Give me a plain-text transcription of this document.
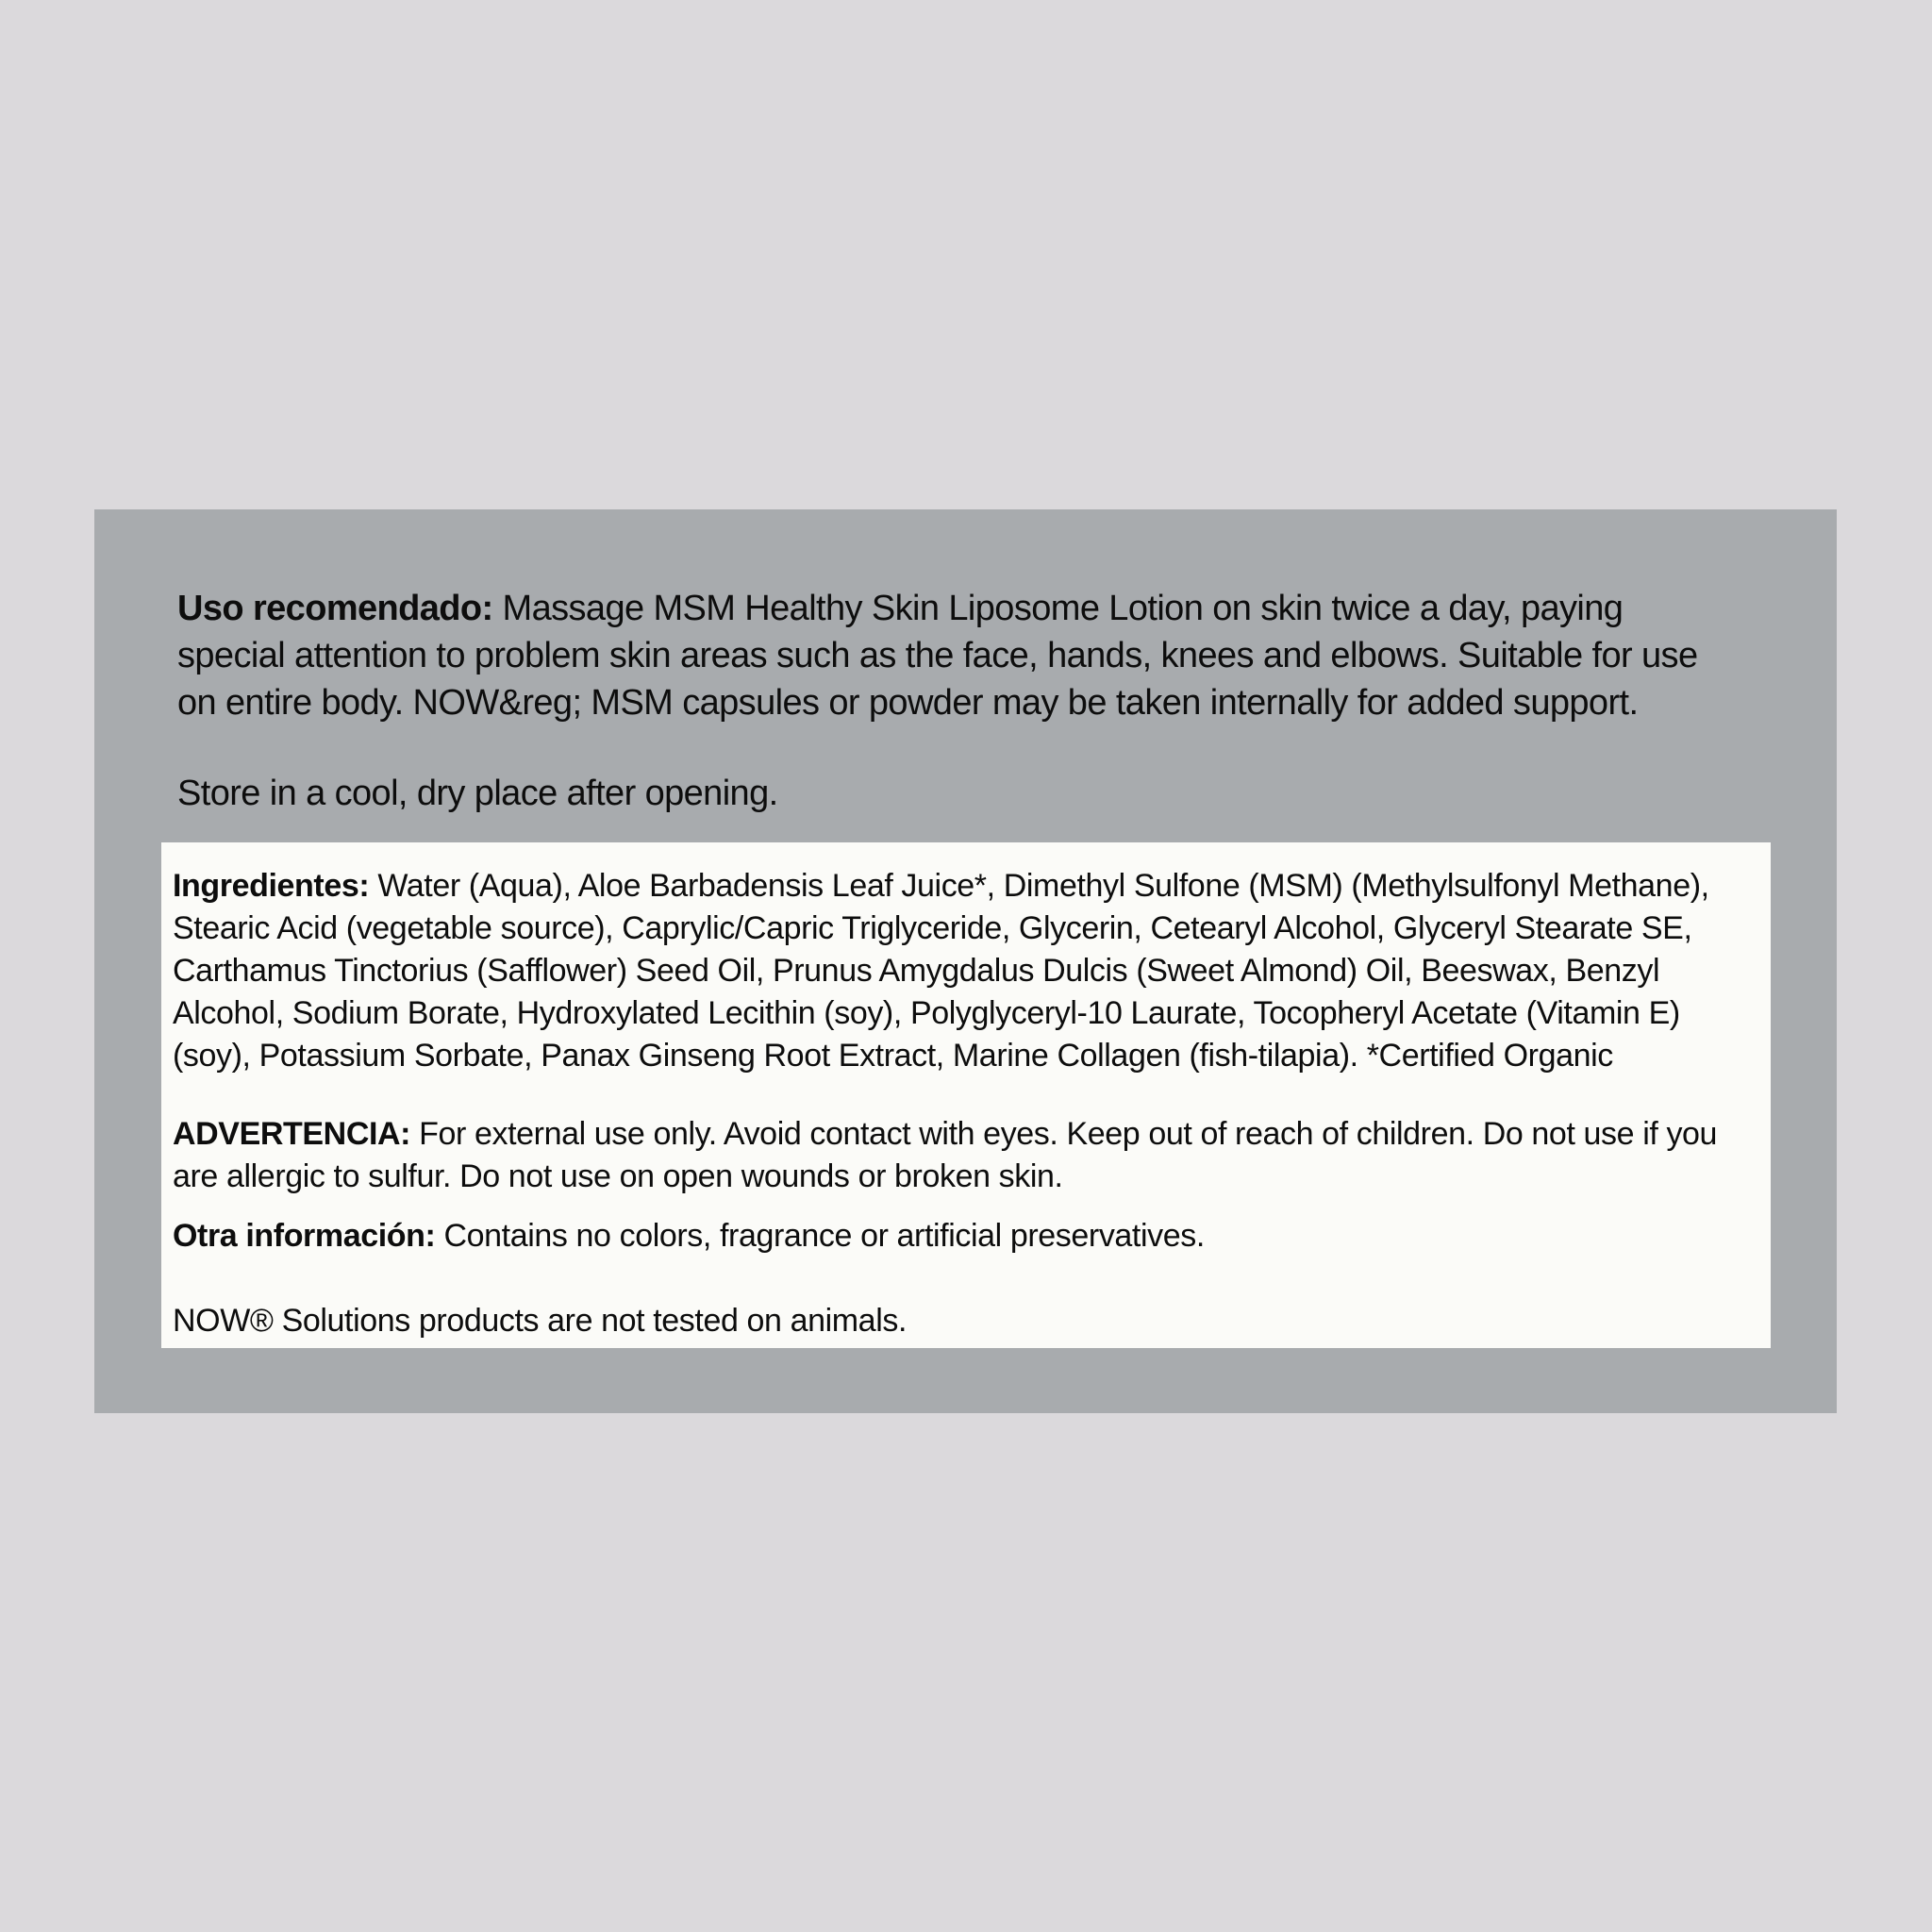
Uso recomendado: Massage MSM Healthy Skin Liposome Lotion on skin twice a day, paying special attention to problem skin areas such as the face, hands, knees and elbows. Suitable for use on entire body. NOW&reg; MSM capsules or powder may be taken internally for added support.

Store in a cool, dry place after opening.

Ingredientes: Water (Aqua), Aloe Barbadensis Leaf Juice*, Dimethyl Sulfone (MSM) (Methylsulfonyl Methane), Stearic Acid (vegetable source), Caprylic/Capric Triglyceride, Glycerin, Cetearyl Alcohol, Glyceryl Stearate SE, Carthamus Tinctorius (Safflower) Seed Oil, Prunus Amygdalus Dulcis (Sweet Almond) Oil, Beeswax, Benzyl Alcohol, Sodium Borate, Hydroxylated Lecithin (soy), Polyglyceryl-10 Laurate, Tocopheryl Acetate (Vitamin E) (soy), Potassium Sorbate, Panax Ginseng Root Extract, Marine Collagen (fish-tilapia). *Certified Organic

ADVERTENCIA: For external use only. Avoid contact with eyes. Keep out of reach of children. Do not use if you are allergic to sulfur. Do not use on open wounds or broken skin.

Otra información: Contains no colors, fragrance or artificial preservatives.

NOW® Solutions products are not tested on animals.
